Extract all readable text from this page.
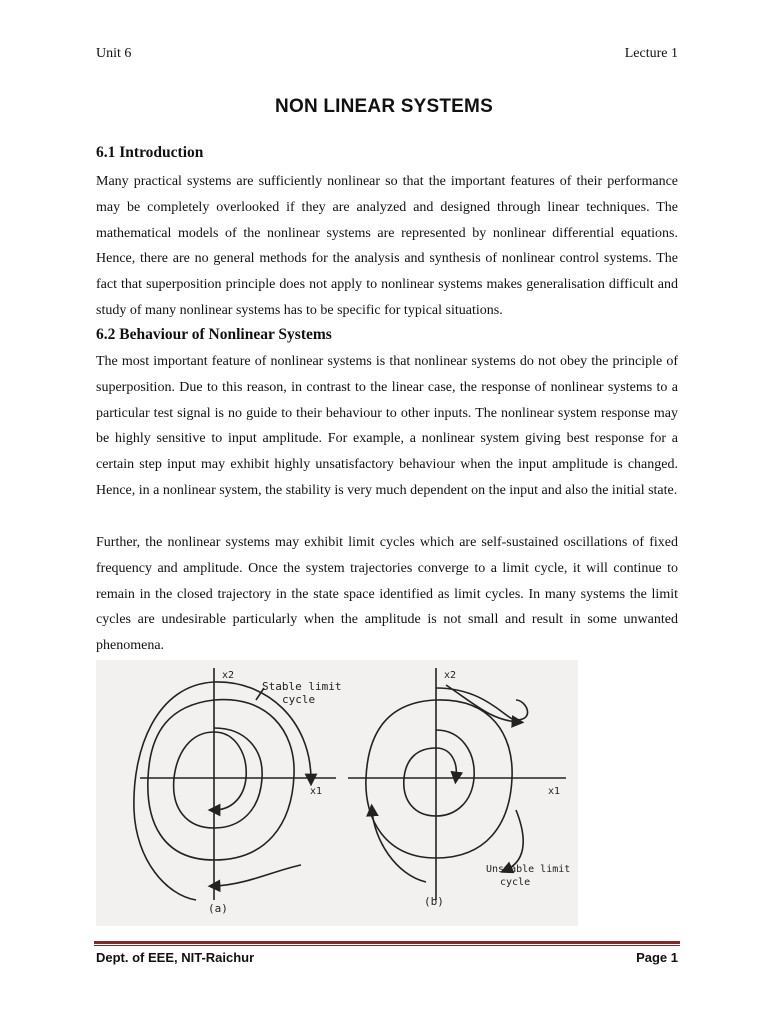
Unit 6	Lecture 1
NON LINEAR SYSTEMS
6.1 Introduction

Many practical systems are sufficiently nonlinear so that the important features of their performance may be completely overlooked if they are analyzed and designed through linear techniques. The mathematical models of the nonlinear systems are represented by nonlinear differential equations. Hence, there are no general methods for the analysis and synthesis of nonlinear control systems. The fact that superposition principle does not apply to nonlinear systems makes generalisation difficult and study of many nonlinear systems has to be specific for typical situations.

6.2 Behaviour of Nonlinear Systems

The most important feature of nonlinear systems is that nonlinear systems do not obey the principle of superposition. Due to this reason, in contrast to the linear case, the response of nonlinear systems to a particular test signal is no guide to their behaviour to other inputs. The nonlinear system response may be highly sensitive to input amplitude. For example, a nonlinear system giving best response for a certain step input may exhibit highly unsatisfactory behaviour when the input amplitude is changed. Hence, in a nonlinear system, the stability is very much dependent on the input and also the initial state.

Further, the nonlinear systems may exhibit limit cycles which are self-sustained oscillations of fixed frequency and amplitude. Once the system trajectories converge to a limit cycle, it will continue to remain in the closed trajectory in the state space identified as limit cycles. In many systems the limit cycles are undesirable particularly when the amplitude is not small and result in some unwanted phenomena.

x2
x1
Stable limit
cycle
(a)
x2
x1
Unstable limit
cycle
(b)
Dept. of EEE, NIT-Raichur	Page 1
